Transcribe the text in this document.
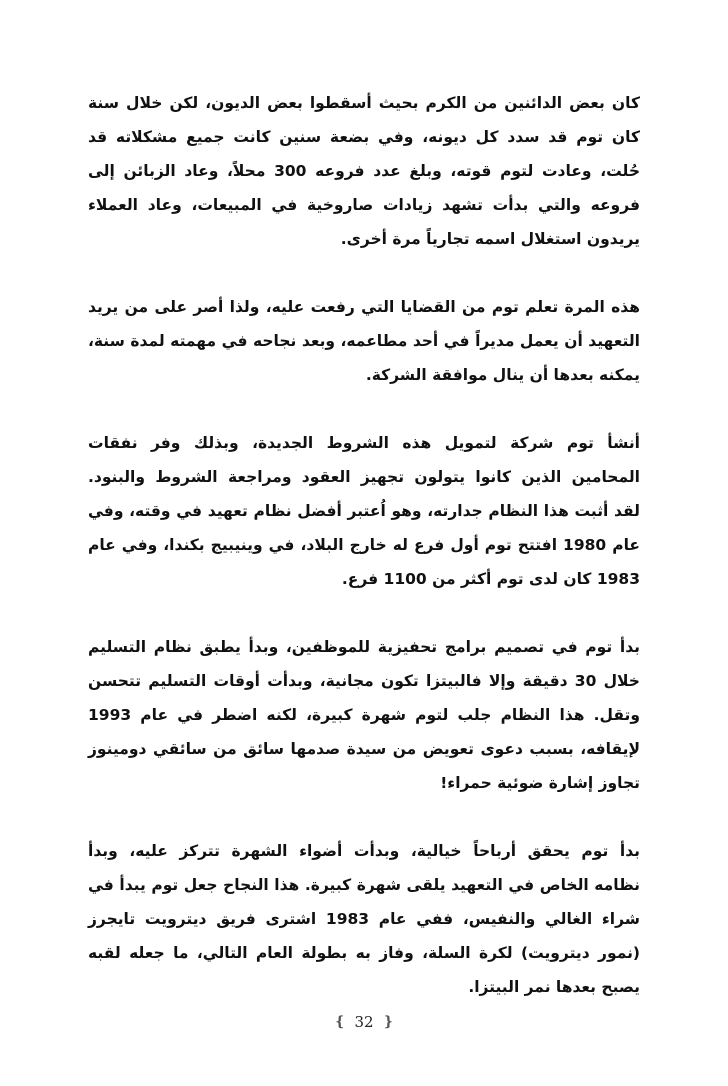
كان بعض الدائنين من الكرم بحيث أسقطوا بعض الديون، لكن خلال سنة
كان توم قد سدد كل ديونه، وفي بضعة سنين كانت جميع مشكلاته قد
حُلت، وعادت لتوم قوته، وبلغ عدد فروعه 300 محلاً، وعاد الزبائن إلى
فروعه والتي بدأت تشهد زيادات صاروخية في المبيعات، وعاد العملاء
يريدون استغلال اسمه تجارياً مرة أخرى.
هذه المرة تعلم توم من القضايا التي رفعت عليه، ولذا أصر على من يريد
التعهيد أن يعمل مديراً في أحد مطاعمه، وبعد نجاحه في مهمته لمدة سنة،
يمكنه بعدها أن ينال موافقة الشركة.
أنشأ توم شركة لتمويل هذه الشروط الجديدة، وبذلك وفر نفقات
المحامين الذين كانوا يتولون تجهيز العقود ومراجعة الشروط والبنود.
لقد أثبت هذا النظام جدارته، وهو اُعتبر أفضل نظام تعهيد في وقته، وفي
عام 1980 افتتح توم أول فرع له خارج البلاد، في وينيبيج بكندا، وفي عام
1983 كان لدى توم أكثر من 1100 فرع.
بدأ توم في تصميم برامج تحفيزية للموظفين، وبدأ يطبق نظام التسليم
خلال 30 دقيقة وإلا فالبيتزا تكون مجانية، وبدأت أوقات التسليم تتحسن
وتقل. هذا النظام جلب لتوم شهرة كبيرة، لكنه اضطر في عام 1993
لإيقافه، بسبب دعوى تعويض من سيدة صدمها سائق من سائقي دومينوز
تجاوز إشارة ضوئية حمراء!
بدأ توم يحقق أرباحاً خيالية، وبدأت أضواء الشهرة تتركز عليه، وبدأ
نظامه الخاص في التعهيد يلقى شهرة كبيرة. هذا النجاح جعل توم يبدأ في
شراء الغالي والنفيس، ففي عام 1983 اشترى فريق ديترويت تايجرز
(نمور ديترويت) لكرة السلة، وفاز به بطولة العام التالي، ما جعله لقبه
يصبح بعدها نمر البيتزا.
❴ 32 ❵
